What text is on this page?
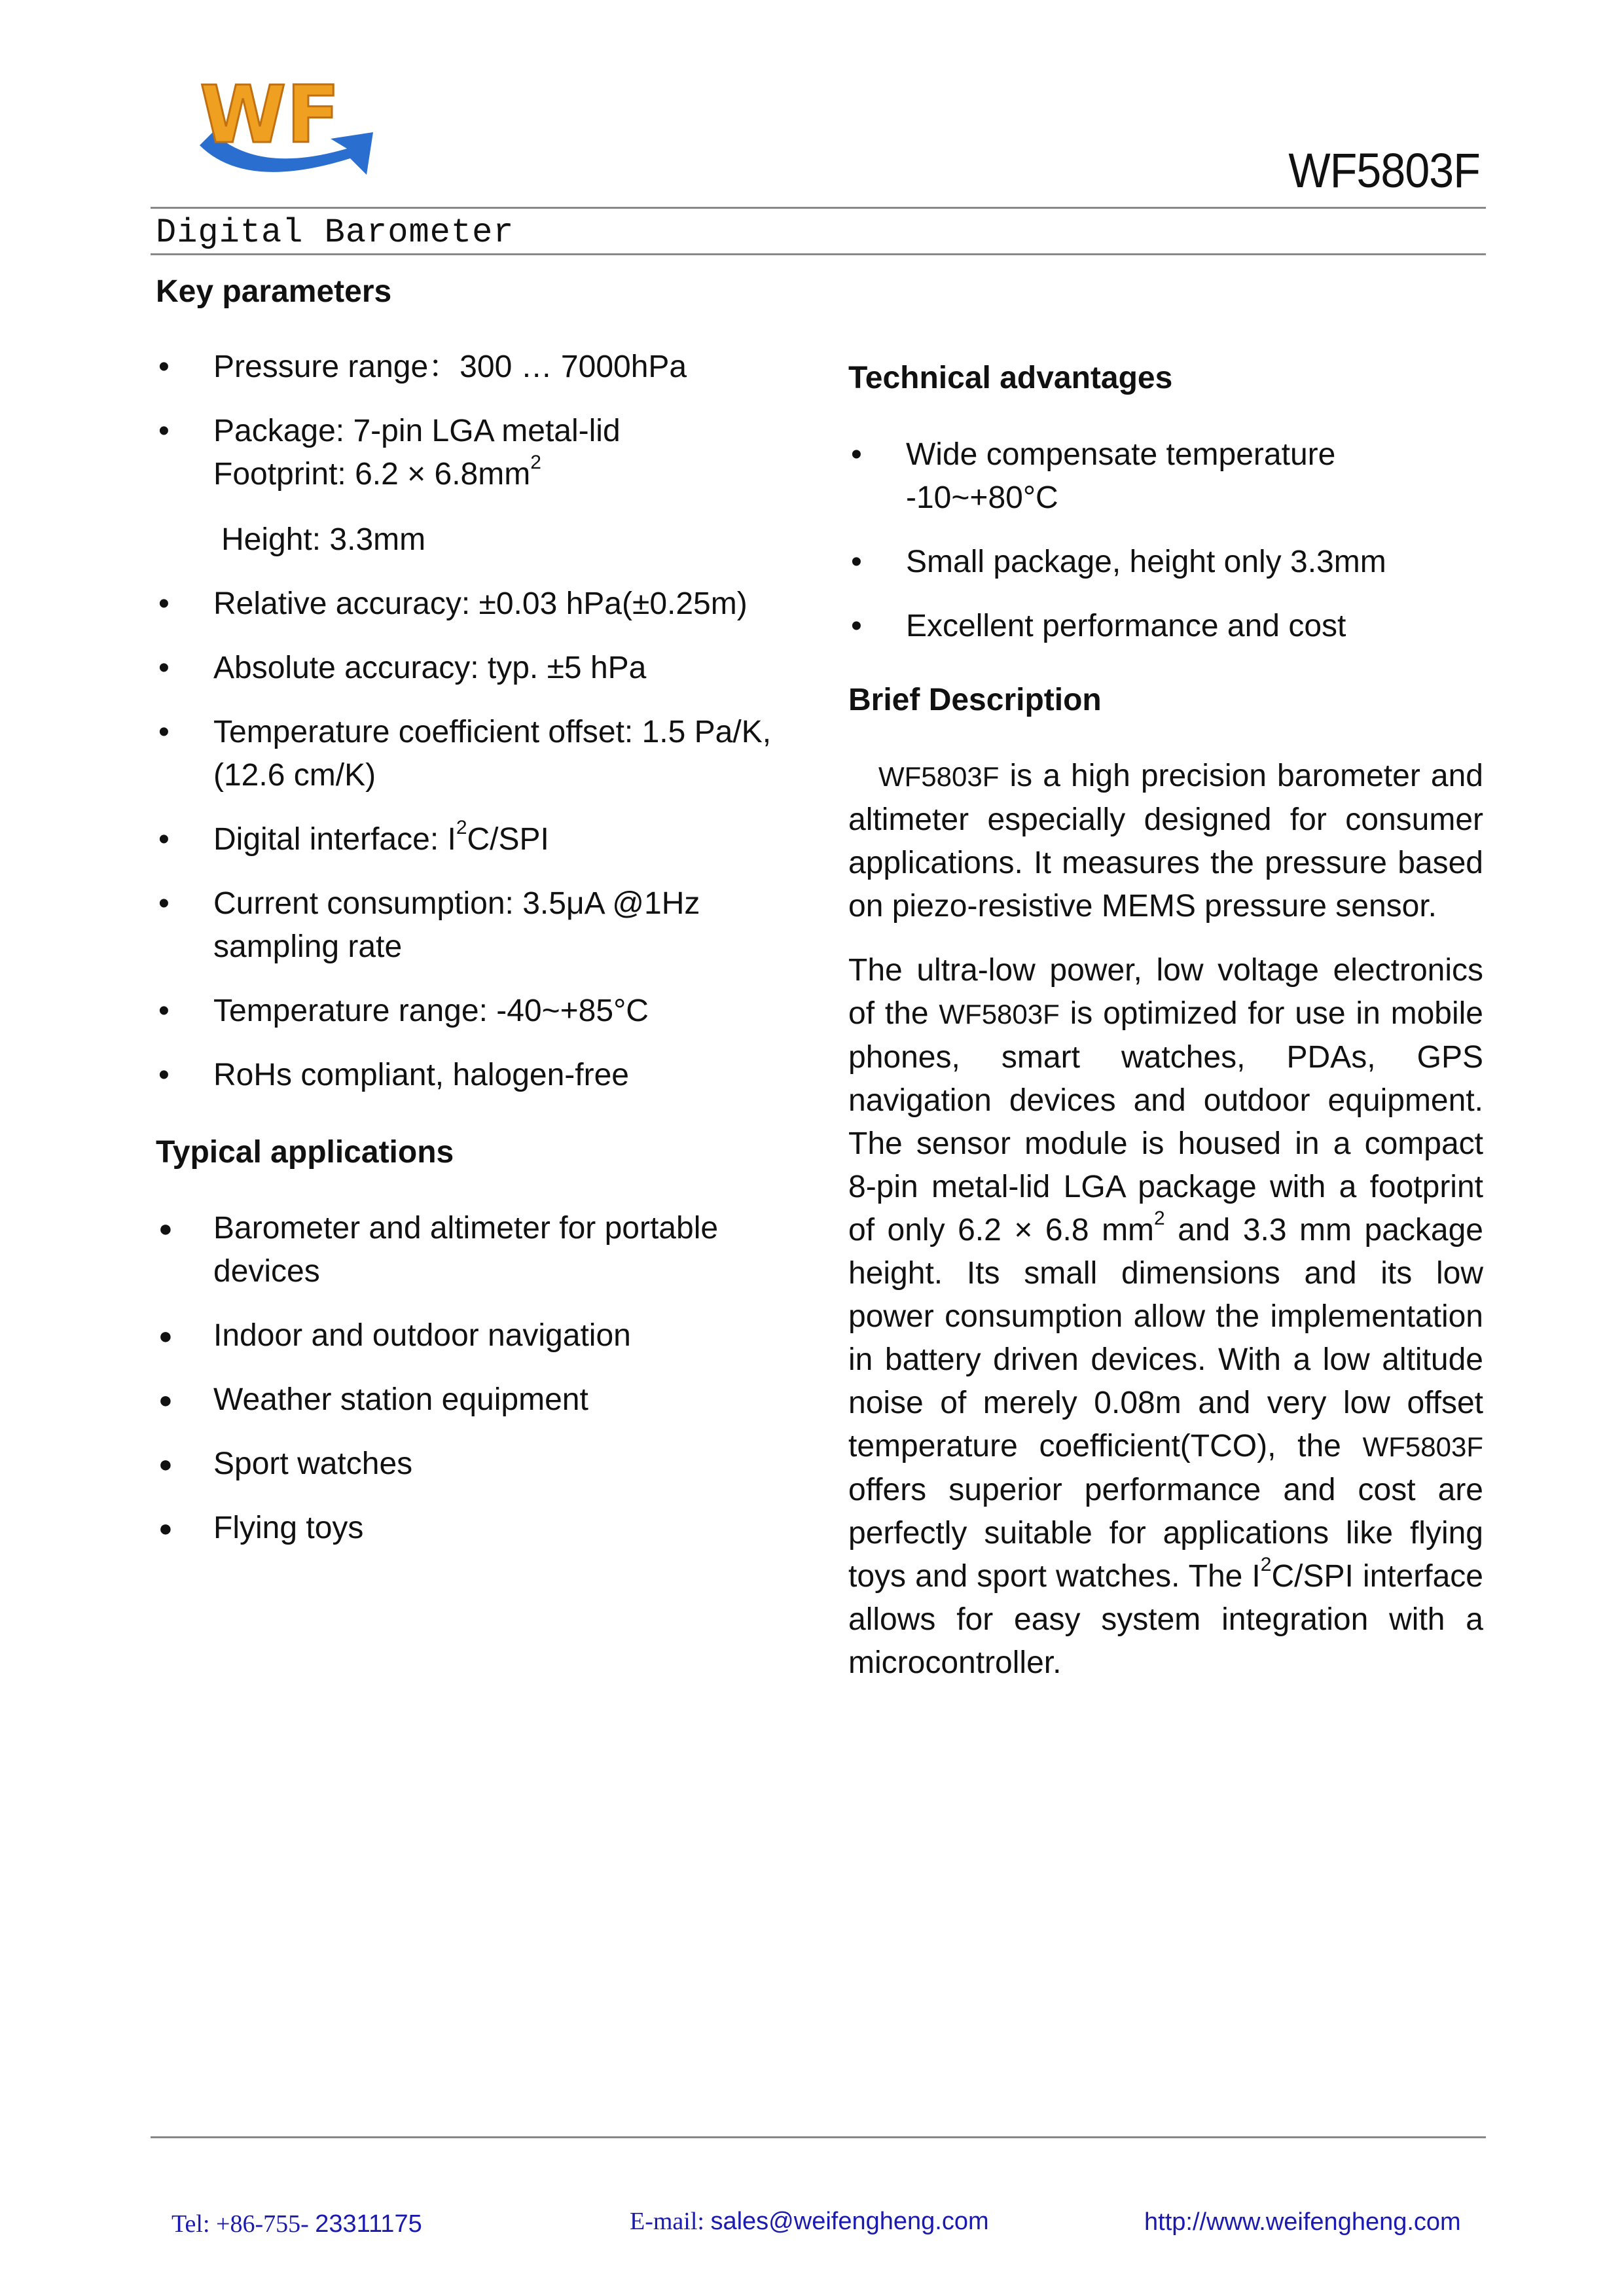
WF
WF5803F
Digital Barometer
Key parameters
• Pressure range：300 … 7000hPa
• Package: 7-pin LGA metal-lid
Footprint: $6.2 \times 6.8mm^2$
Height: 3.3mm
• Relative accuracy: ±0.03 hPa(±0.25m)
• Absolute accuracy: typ. ±5 hPa
• Temperature coefficient offset: 1.5 Pa/K,
(12.6 cm/K)
• Digital interface: $I^2C$/SPI
• Current consumption: 3.5μA @1Hz
sampling rate
• Temperature range: -40~+85°C
• RoHs compliant, halogen-free
Typical applications
● Barometer and altimeter for portable
devices
● Indoor and outdoor navigation
● Weather station equipment
● Sport watches
● Flying toys
Technical advantages
• Wide compensate temperature
-10~+80°C
• Small package, height only 3.3mm
• Excellent performance and cost
Brief Description

WF5803F is a high precision barometer and altimeter especially designed for consumer applications. It measures the pressure based on piezo-resistive MEMS pressure sensor.

The ultra-low power, low voltage electronics of the WF5803F is optimized for use in mobile phones, smart watches, PDAs, GPS navigation devices and outdoor equipment. The sensor module is housed in a compact 8-pin metal-lid LGA package with a footprint of only 6.2 × 6.8 $mm^2$ and 3.3 mm package height. Its small dimensions and its low power consumption allow the implementation in battery driven devices. With a low altitude noise of merely 0.08m and very low offset temperature coefficient(TCO), the WF5803F offers superior performance and cost are perfectly suitable for applications like flying toys and sport watches. The $I^2C$/SPI interface allows for easy system integration with a microcontroller.

Tel: +86-755- 23311175	E-mail: sales@weifengheng.com	http://www.weifengheng.com
